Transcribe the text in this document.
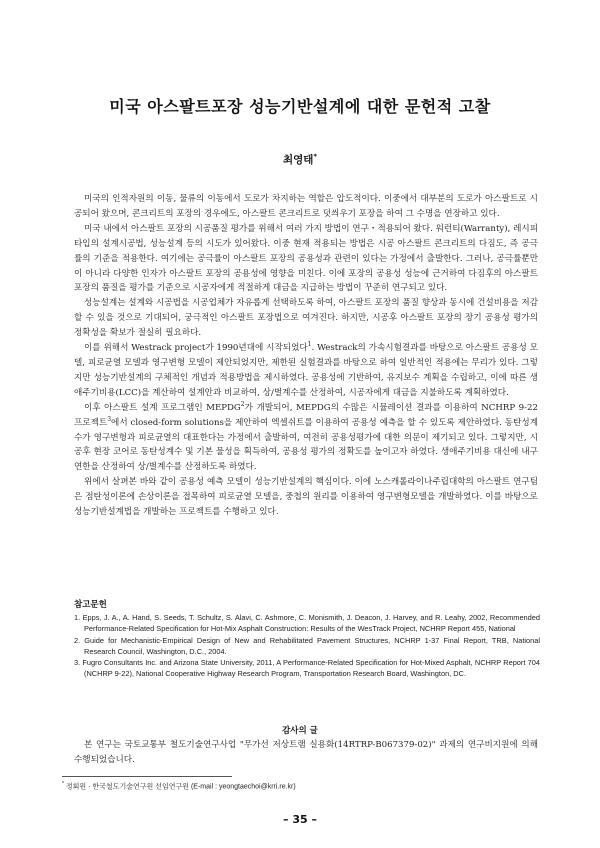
미국 아스팔트포장 성능기반설계에 대한 문헌적 고찰
최영태*

미국의 인적자원의 이동, 물류의 이동에서 도로가 차지하는 역할은 압도적이다. 이중에서 대부분의 도로가 아스팔트로 시공되어 왔으며, 콘크리트의 포장의 경우에도, 아스팔트 콘크리트로 덧씌우기 포장을 하여 그 수명을 연장하고 있다.

미국 내에서 아스팔트 포장의 시공품질 평가를 위해서 여러 가지 방법이 연구・적용되어 왔다. 워런티(Warranty), 레시피 타입의 설계시공법, 성능설계 등의 시도가 있어왔다. 이중 현재 적용되는 방법은 시공 아스팔트 콘크리트의 다짐도, 즉 공극률의 기준을 적용한다. 여기에는 공극률이 아스팔트 포장의 공용성과 관련이 있다는 가정에서 출발한다. 그러나, 공극률뿐만이 아니라 다양한 인자가 아스팔트 포장의 공용성에 영향을 미친다. 이에 포장의 공용성 성능에 근거하여 다짐후의 아스팔트 포장의 품질을 평가를 기준으로 시공자에게 적절하게 대금을 지급하는 방법이 꾸준히 연구되고 있다.

성능설계는 설계와 시공법을 시공업체가 자유롭게 선택하도록 하여, 아스팔트 포장의 품질 향상과 동시에 건설비용을 저감할 수 있을 것으로 기대되어, 궁극적인 아스팔트 포장법으로 여겨진다. 하지만, 시공후 아스팔트 포장의 장기 공용성 평가의 정확성을 확보가 절실히 필요하다.

이를 위해서 Westrack project가 1990년대에 시작되었다$^1$. Westrack의 가속시험결과를 바탕으로 아스팔트 공용성 모델, 피로균열 모델과 영구변형 모델이 제안되었지만, 제한된 실험결과를 바탕으로 하여 일반적인 적용에는 무리가 있다. 그렇지만 성능기반설계의 구체적인 개념과 적용방법을 제시하였다. 공용성에 기반하여, 유지보수 계획을 수립하고, 이에 따른 생애주기비용(LCC)을 계산하여 설계안과 비교하여, 상/벌계수를 산정하여, 시공자에게 대금을 지불하도록 계획하였다.

이후 아스팔트 설계 프로그램인 MEPDG$^2$가 개발되어, MEPDG의 수많은 시뮬레이션 결과를 이용하여 NCHRP 9-22 프로젝트$^3$에서 closed-form solutions을 제안하여 엑셀쉬트를 이용하여 공용성 예측을 할 수 있도록 제안하였다. 동탄성계수가 영구변형과 피로균열의 대표한다는 가정에서 출발하여, 여전히 공용성평가에 대한 의문이 제기되고 있다. 그렇지만, 시공후 현장 코어로 동탄성계수 및 기본 물성을 획득하여, 공용성 평가의 정확도를 높이고자 하였다. 생애주기비용 대신에 내구연한을 산정하여 상/벌계수를 산정하도록 하였다.

위에서 살펴본 바와 같이 공용성 예측 모델이 성능기반설계의 핵심이다. 이에 노스캐롤라이나주립대학의 아스팔트 연구팀은 점탄성이론에 손상이론을 접목하여 피로균열 모델을, 중첩의 원리를 이용하여 영구변형모델을 개발하였다. 이를 바탕으로 성능기반설계법을 개발하는 프로젝트를 수행하고 있다.

참고문헌
1. Epps, J. A., A. Hand, S. Seeds, T. Schultz, S. Alavi, C. Ashmore, C. Monismith, J. Deacon, J. Harvey, and R. Leahy, 2002, Recommended Performance-Related Specification for Hot-Mix Asphalt Construction: Results of the WesTrack Project, NCHRP Report 455, National
2. Guide for Mechanistic-Empirical Design of New and Rehabilitated Pavement Structures, NCHRP 1-37 Final Report, TRB, National Research Council, Washington, D.C., 2004.
3. Fugro Consultants Inc. and Arizona State University, 2011, A Performance-Related Specification for Hot-Mixed Asphalt, NCHRP Report 704 (NCHRP 9-22), National Cooperative Highway Research Program, Transportation Research Board, Washington, DC.
감사의 글

본 연구는 국토교통부 철도기술연구사업 "무가선 저상트램 실용화(14RTRP-B067379-02)" 과제의 연구비지원에 의해 수행되었습니다.

* 정회원 · 한국철도기술연구원 선임연구원 (E-mail : yeongtaechoi@krri.re.kr)
– 35 –
